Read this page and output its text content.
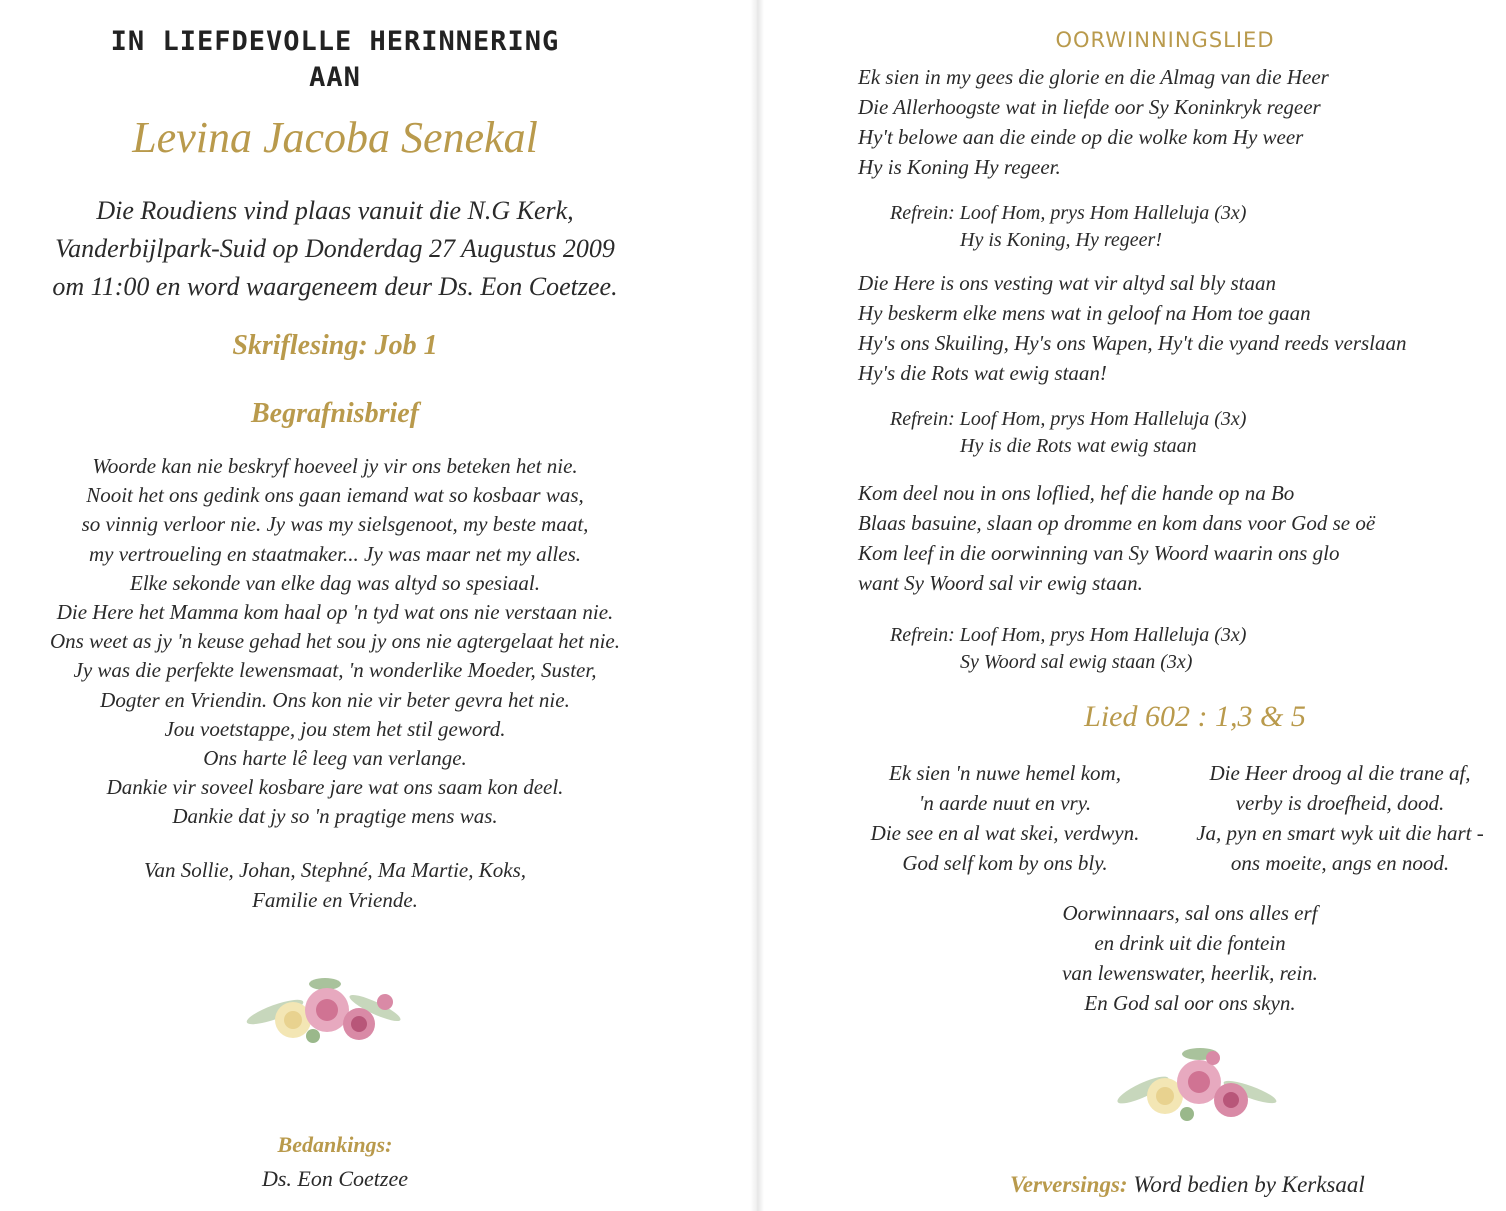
IN LIEFDEVOLLE HERINNERING
AAN
Levina Jacoba Senekal
Die Roudiens vind plaas vanuit die N.G Kerk,
Vanderbijlpark-Suid op Donderdag 27 Augustus 2009
om 11:00 en word waargeneem deur Ds. Eon Coetzee.
Skriflesing: Job 1
Begrafnisbrief
Woorde kan nie beskryf hoeveel jy vir ons beteken het nie.
Nooit het ons gedink ons gaan iemand wat so kosbaar was,
so vinnig verloor nie. Jy was my sielsgenoot, my beste maat,
my vertroueling en staatmaker... Jy was maar net my alles.
Elke sekonde van elke dag was altyd so spesiaal.
Die Here het Mamma kom haal op 'n tyd wat ons nie verstaan nie.
Ons weet as jy 'n keuse gehad het sou jy ons nie agtergelaat het nie.
Jy was die perfekte lewensmaat, 'n wonderlike Moeder, Suster,
Dogter en Vriendin. Ons kon nie vir beter gevra het nie.
Jou voetstappe, jou stem het stil geword.
Ons harte lê leeg van verlange.
Dankie vir soveel kosbare jare wat ons saam kon deel.
Dankie dat jy so 'n pragtige mens was.
Van Sollie, Johan, Stephné, Ma Martie, Koks,
Familie en Vriende.
Bedankings:
Ds. Eon Coetzee
OORWINNINGSLIED
Ek sien in my gees die glorie en die Almag van die Heer
Die Allerhoogste wat in liefde oor Sy Koninkryk regeer
Hy't belowe aan die einde op die wolke kom Hy weer
Hy is Koning Hy regeer.
Refrein: Loof Hom, prys Hom Halleluja (3x)
Hy is Koning, Hy regeer!
Die Here is ons vesting wat vir altyd sal bly staan
Hy beskerm elke mens wat in geloof na Hom toe gaan
Hy's ons Skuiling, Hy's ons Wapen, Hy't die vyand reeds verslaan
Hy's die Rots wat ewig staan!
Refrein: Loof Hom, prys Hom Halleluja (3x)
Hy is die Rots wat ewig staan
Kom deel nou in ons loflied, hef die hande op na Bo
Blaas basuine, slaan op dromme en kom dans voor God se oë
Kom leef in die oorwinning van Sy Woord waarin ons glo
want Sy Woord sal vir ewig staan.
Refrein: Loof Hom, prys Hom Halleluja (3x)
Sy Woord sal ewig staan (3x)
Lied 602 : 1,3 & 5
Ek sien 'n nuwe hemel kom,
'n aarde nuut en vry.
Die see en al wat skei, verdwyn.
God self kom by ons bly.
Die Heer droog al die trane af,
verby is droefheid, dood.
Ja, pyn en smart wyk uit die hart -
ons moeite, angs en nood.
Oorwinnaars, sal ons alles erf
en drink uit die fontein
van lewenswater, heerlik, rein.
En God sal oor ons skyn.
Verversings: Word bedien by Kerksaal
